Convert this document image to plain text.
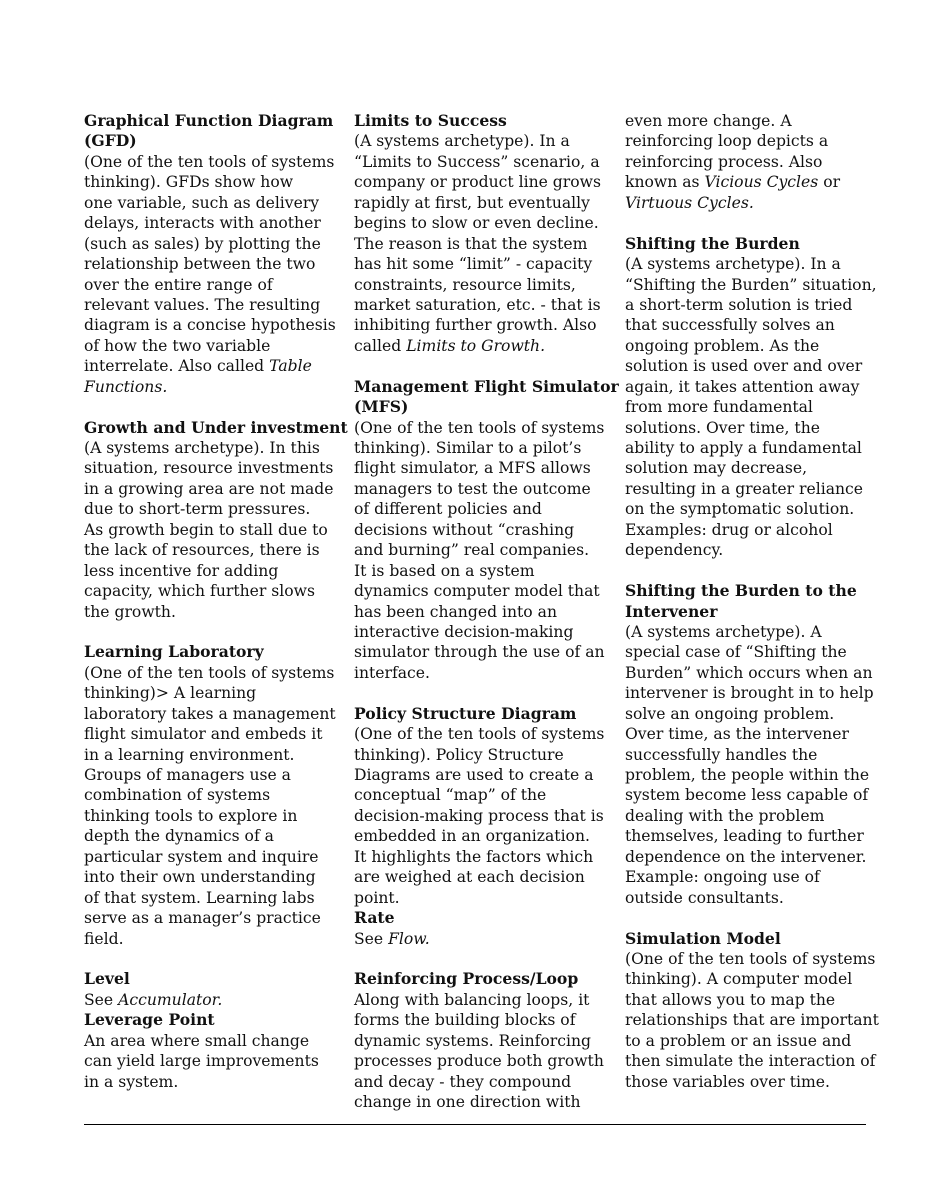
Graphical Function Diagram
(GFD)
(One of the ten tools of systems
thinking). GFDs show how
one variable, such as delivery
delays, interacts with another
(such as sales) by plotting the
relationship between the two
over the entire range of
relevant values. The resulting
diagram is a concise hypothesis
of how the two variable
interrelate. Also called Table
Functions.
Growth and Under investment
(A systems archetype). In this
situation, resource investments
in a growing area are not made
due to short-term pressures.
As growth begin to stall due to
the lack of resources, there is
less incentive for adding
capacity, which further slows
the growth.
Learning Laboratory
(One of the ten tools of systems
thinking)> A learning
laboratory takes a management
flight simulator and embeds it
in a learning environment.
Groups of managers use a
combination of systems
thinking tools to explore in
depth the dynamics of a
particular system and inquire
into their own understanding
of that system. Learning labs
serve as a manager’s practice
field.
Level
See Accumulator.
Leverage Point
An area where small change
can yield large improvements
in a system.
Limits to Success
(A systems archetype). In a
“Limits to Success” scenario, a
company or product line grows
rapidly at first, but eventually
begins to slow or even decline.
The reason is that the system
has hit some “limit” - capacity
constraints, resource limits,
market saturation, etc. - that is
inhibiting further growth. Also
called Limits to Growth.
Management Flight Simulator
(MFS)
(One of the ten tools of systems
thinking). Similar to a pilot’s
flight simulator, a MFS allows
managers to test the outcome
of different policies and
decisions without “crashing
and burning” real companies.
It is based on a system
dynamics computer model that
has been changed into an
interactive decision-making
simulator through the use of an
interface.
Policy Structure Diagram
(One of the ten tools of systems
thinking). Policy Structure
Diagrams are used to create a
conceptual “map” of the
decision-making process that is
embedded in an organization.
It highlights the factors which
are weighed at each decision
point.
Rate
See Flow.
Reinforcing Process/Loop
Along with balancing loops, it
forms the building blocks of
dynamic systems. Reinforcing
processes produce both growth
and decay - they compound
change in one direction with
even more change. A
reinforcing loop depicts a
reinforcing process. Also
known as Vicious Cycles or
Virtuous Cycles.
Shifting the Burden
(A systems archetype). In a
“Shifting the Burden” situation,
a short-term solution is tried
that successfully solves an
ongoing problem. As the
solution is used over and over
again, it takes attention away
from more fundamental
solutions. Over time, the
ability to apply a fundamental
solution may decrease,
resulting in a greater reliance
on the symptomatic solution.
Examples: drug or alcohol
dependency.
Shifting the Burden to the
Intervener
(A systems archetype). A
special case of “Shifting the
Burden” which occurs when an
intervener is brought in to help
solve an ongoing problem.
Over time, as the intervener
successfully handles the
problem, the people within the
system become less capable of
dealing with the problem
themselves, leading to further
dependence on the intervener.
Example: ongoing use of
outside consultants.
Simulation Model
(One of the ten tools of systems
thinking). A computer model
that allows you to map the
relationships that are important
to a problem or an issue and
then simulate the interaction of
those variables over time.
